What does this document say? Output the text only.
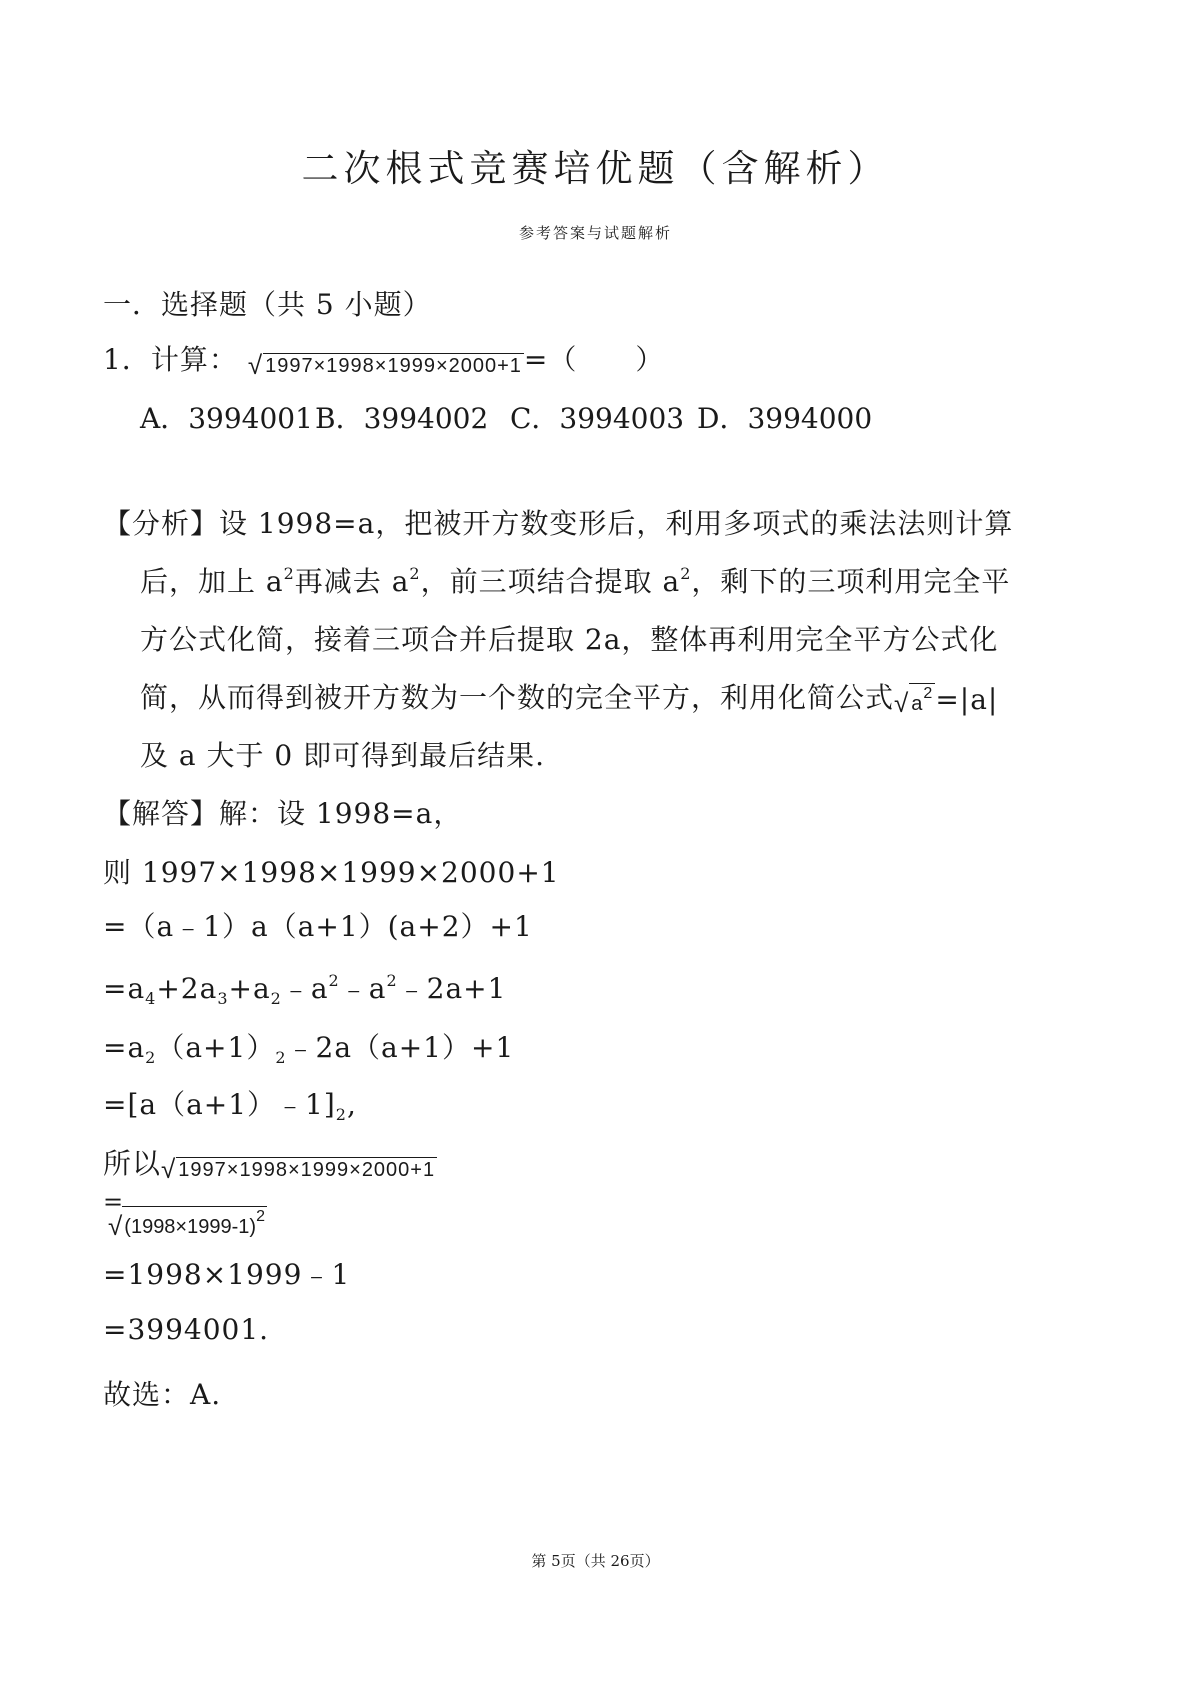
二次根式竞赛培优题（含解析）
参考答案与试题解析
一．选择题（共 5 小题）
1．计算： √ 1997×1998×1999×2000+1 =（　　）
A．3994001 B．3994002 C．3994003 D．3994000
【分析】设 1998=a，把被开方数变形后，利用多项式的乘法法则计算
后，加上 $a^2$再减去 $a^2$，前三项结合提取 $a^2$，剩下的三项利用完全平
方公式化简，接着三项合并后提取 2a，整体再利用完全平方公式化
简，从而得到被开方数为一个数的完全平方，利用化简公式 √ $a^2 =|a|$
及 a 大于 0 即可得到最后结果.
【解答】解：设 1998=a，
则 1997×1998×1999×2000+1
=（a﹣1）a（a+1）(a+2）+1
$=a_4+2a_3+a_2﹣a^2﹣a^2﹣2a+1$
$=a_2(a+1)_2﹣2a(a+1)+1$
$=[a(a+1)﹣1]_2$,
所以 √ 1997×1998×1999×2000+1
=
√ $(1998\times 1999-1)^2$
=1998×1999﹣1
=3994001.
故选：A.
第 5页（共 26页）
